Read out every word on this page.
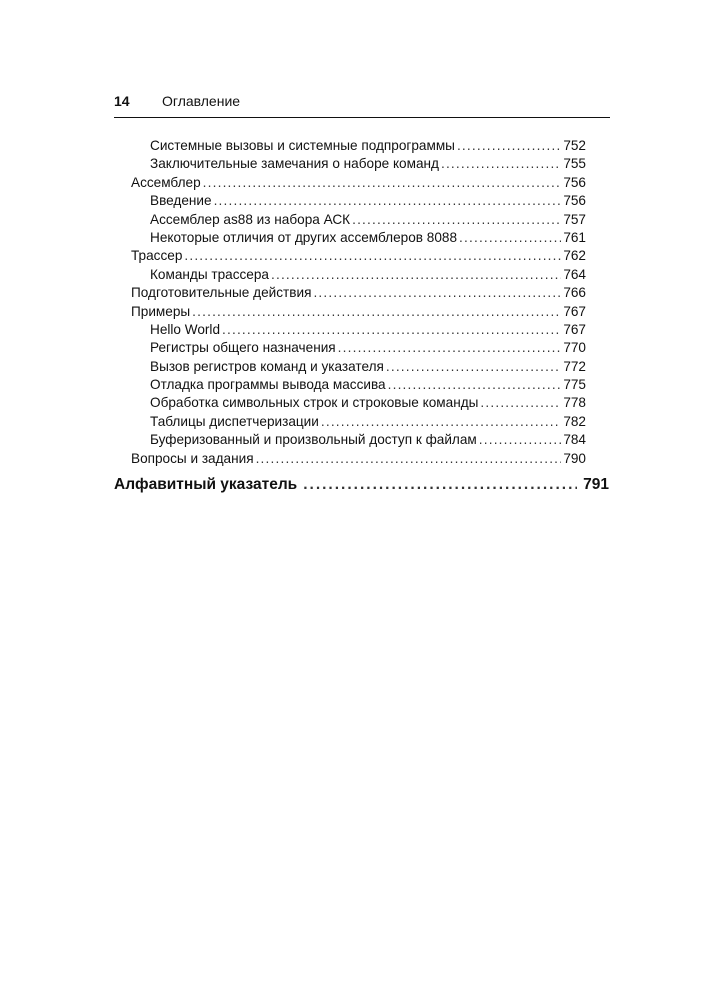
14 Оглавление
Системные вызовы и системные подпрограммы .....	752
Заключительные замечания о наборе команд .....	755
Ассемблер .....	756
Введение .....	756
Ассемблер as88 из набора АСК .....	757
Некоторые отличия от других ассемблеров 8088 .....	761
Трассер .....	762
Команды трассера .....	764
Подготовительные действия .....	766
Примеры .....	767
Hello World .....	767
Регистры общего назначения .....	770
Вызов регистров команд и указателя .....	772
Отладка программы вывода массива .....	775
Обработка символьных строк и строковые команды .....	778
Таблицы диспетчеризации .....	782
Буферизованный и произвольный доступ к файлам .....	784
Вопросы и задания .....	790
Алфавитный указатель .....	791
